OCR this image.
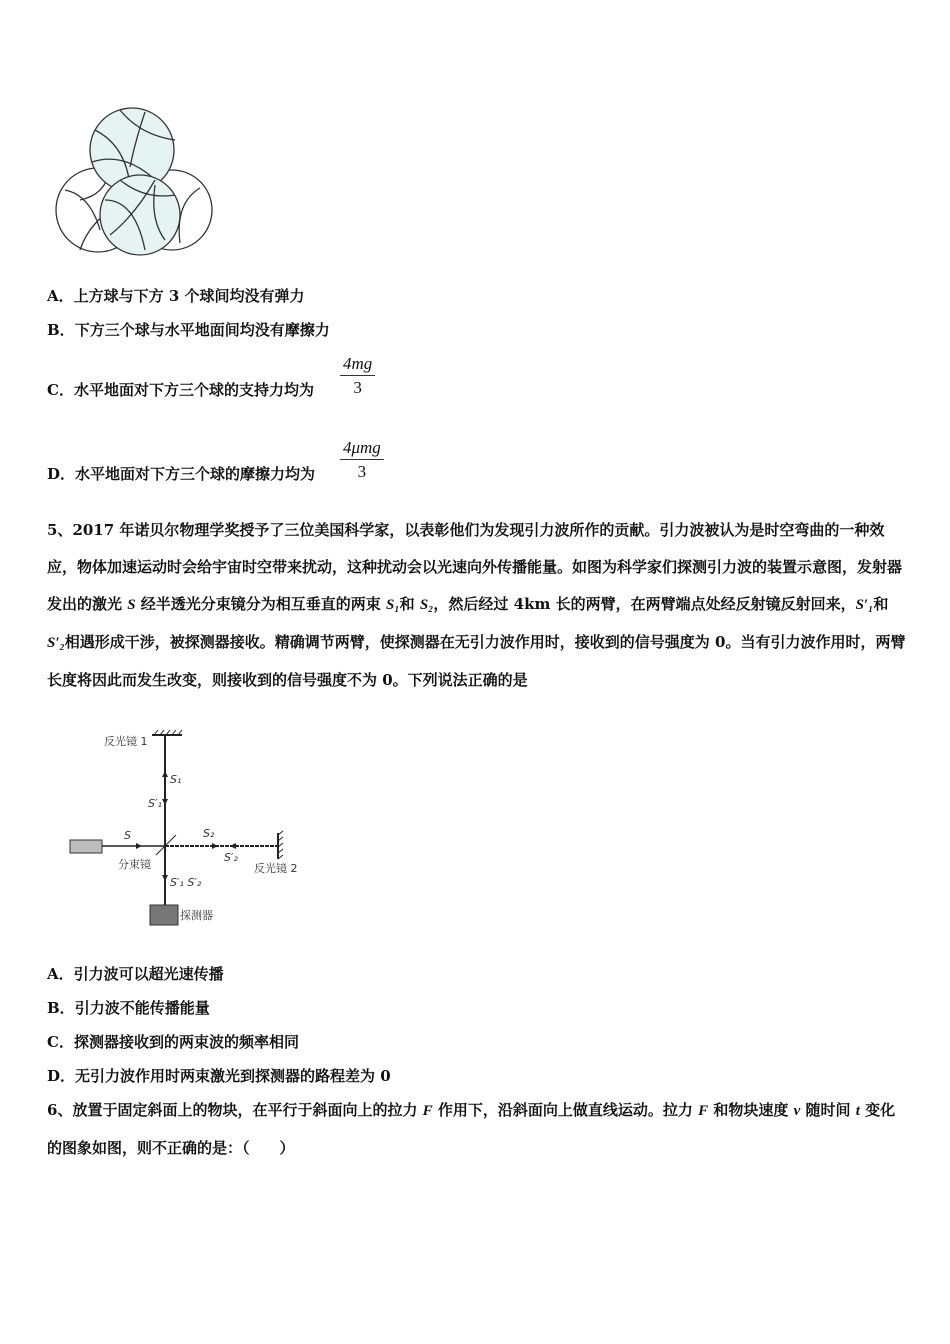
A．上方球与下方 3 个球间均没有弹力
B．下方三个球与水平地面间均没有摩擦力
C．水平地面对下方三个球的支持力均为 $\frac{4mg}{3}$
D．水平地面对下方三个球的摩擦力均为
4μmg
3
5、2017 年诺贝尔物理学奖授予了三位美国科学家，以表彰他们为发现引力波所作的贡献。引力波被认为是时空弯曲的一种效应，物体加速运动时会给宇宙时空带来扰动，这种扰动会以光速向外传播能量。如图为科学家们探测引力波的装置示意图，发射器发出的激光 S 经半透光分束镜分为相互垂直的两束 S₁和 S₂，然后经过 4km 长的两臂，在两臂端点处经反射镜反射回来，S′₁和 S′₂相遇形成干涉，被探测器接收。精确调节两臂，使探测器在无引力波作用时，接收到的信号强度为 0。当有引力波作用时，两臂长度将因此而发生改变，则接收到的信号强度不为 0。下列说法正确的是
反光镜 1
S₁
S′₁
S
分束镜
S₂
S′₂
反光镜 2
S′₁ S′₂
探测器
A．引力波可以超光速传播
B．引力波不能传播能量
C．探测器接收到的两束波的频率相同
D．无引力波作用时两束激光到探测器的路程差为 0
6、放置于固定斜面上的物块，在平行于斜面向上的拉力 F 作用下，沿斜面向上做直线运动。拉力 F 和物块速度 v 随时间 t 变化的图象如图，则不正确的是：（　　）
